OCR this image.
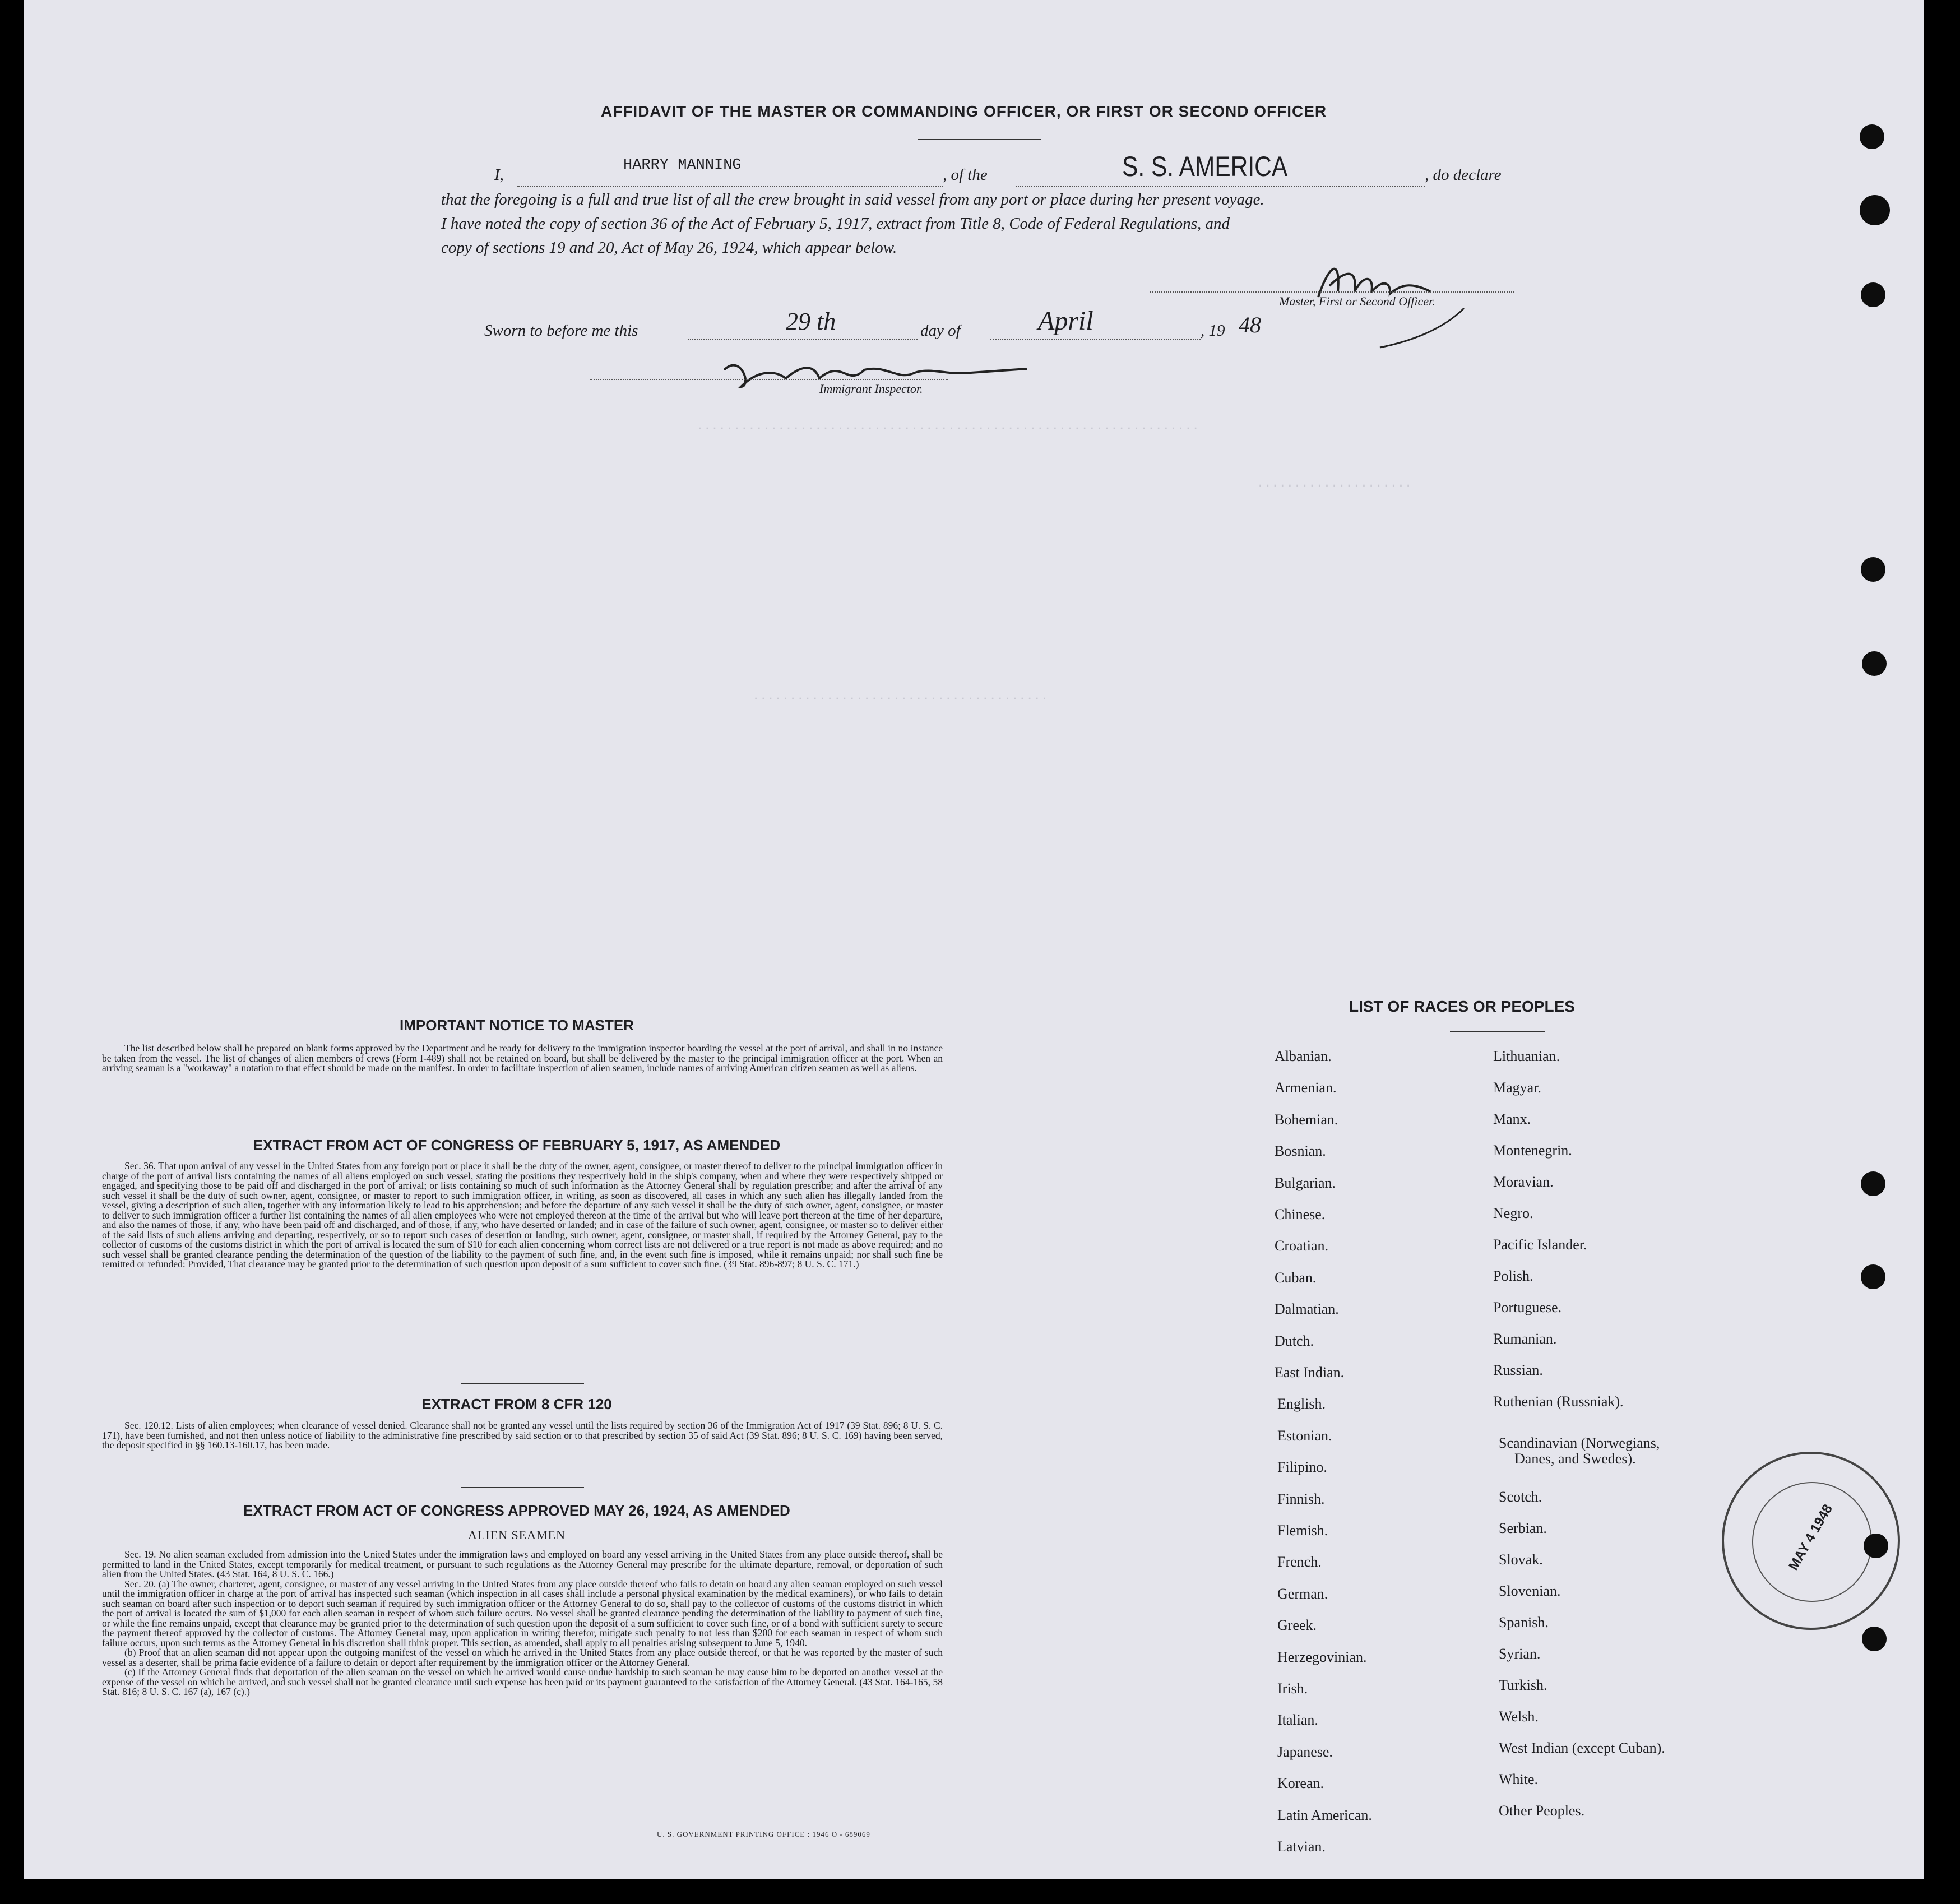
....................................................................
.....................
........................................
AFFIDAVIT OF THE MASTER OR COMMANDING OFFICER, OR FIRST OR SECOND OFFICER
I,
HARRY MANNING
, of the	S. S. AMERICA	, do declare
that the foregoing is a full and true list of all the crew brought in said vessel from any port or place during her present voyage.
I have noted the copy of section 36 of the Act of February 5, 1917, extract from Title 8, Code of Federal Regulations, and
copy of sections 19 and 20, Act of May 26, 1924, which appear below.
Master, First or Second Officer.
Sworn to before me this	29 th	day of	April	, 19 48
Immigrant Inspector.
IMPORTANT NOTICE TO MASTER

The list described below shall be prepared on blank forms approved by the Department and be ready for delivery to the immigration inspector boarding the vessel at the port of arrival, and shall in no instance be taken from the vessel. The list of changes of alien members of crews (Form I-489) shall not be retained on board, but shall be delivered by the master to the principal immigration officer at the port. When an arriving seaman is a "workaway" a notation to that effect should be made on the manifest. In order to facilitate inspection of alien seamen, include names of arriving American citizen seamen as well as aliens.

EXTRACT FROM ACT OF CONGRESS OF FEBRUARY 5, 1917, AS AMENDED

Sec. 36. That upon arrival of any vessel in the United States from any foreign port or place it shall be the duty of the owner, agent, consignee, or master thereof to deliver to the principal immigration officer in charge of the port of arrival lists containing the names of all aliens employed on such vessel, stating the positions they respectively hold in the ship's company, when and where they were respectively shipped or engaged, and specifying those to be paid off and discharged in the port of arrival; or lists containing so much of such information as the Attorney General shall by regulation prescribe; and after the arrival of any such vessel it shall be the duty of such owner, agent, consignee, or master to report to such immigration officer, in writing, as soon as discovered, all cases in which any such alien has illegally landed from the vessel, giving a description of such alien, together with any information likely to lead to his apprehension; and before the departure of any such vessel it shall be the duty of such owner, agent, consignee, or master to deliver to such immigration officer a further list containing the names of all alien employees who were not employed thereon at the time of the arrival but who will leave port thereon at the time of her departure, and also the names of those, if any, who have been paid off and discharged, and of those, if any, who have deserted or landed; and in case of the failure of such owner, agent, consignee, or master so to deliver either of the said lists of such aliens arriving and departing, respectively, or so to report such cases of desertion or landing, such owner, agent, consignee, or master shall, if required by the Attorney General, pay to the collector of customs of the customs district in which the port of arrival is located the sum of $10 for each alien concerning whom correct lists are not delivered or a true report is not made as above required; and no such vessel shall be granted clearance pending the determination of the question of the liability to the payment of such fine, and, in the event such fine is imposed, while it remains unpaid; nor shall such fine be remitted or refunded: Provided, That clearance may be granted prior to the determination of such question upon deposit of a sum sufficient to cover such fine. (39 Stat. 896-897; 8 U. S. C. 171.)

EXTRACT FROM 8 CFR 120

Sec. 120.12. Lists of alien employees; when clearance of vessel denied. Clearance shall not be granted any vessel until the lists required by section 36 of the Immigration Act of 1917 (39 Stat. 896; 8 U. S. C. 171), have been furnished, and not then unless notice of liability to the administrative fine prescribed by said section or to that prescribed by section 35 of said Act (39 Stat. 896; 8 U. S. C. 169) having been served, the deposit specified in §§ 160.13-160.17, has been made.

EXTRACT FROM ACT OF CONGRESS APPROVED MAY 26, 1924, AS AMENDED
ALIEN SEAMEN

Sec. 19. No alien seaman excluded from admission into the United States under the immigration laws and employed on board any vessel arriving in the United States from any place outside thereof, shall be permitted to land in the United States, except temporarily for medical treatment, or pursuant to such regulations as the Attorney General may prescribe for the ultimate departure, removal, or deportation of such alien from the United States. (43 Stat. 164, 8 U. S. C. 166.)

Sec. 20. (a) The owner, charterer, agent, consignee, or master of any vessel arriving in the United States from any place outside thereof who fails to detain on board any alien seaman employed on such vessel until the immigration officer in charge at the port of arrival has inspected such seaman (which inspection in all cases shall include a personal physical examination by the medical examiners), or who fails to detain such seaman on board after such inspection or to deport such seaman if required by such immigration officer or the Attorney General to do so, shall pay to the collector of customs of the customs district in which the port of arrival is located the sum of $1,000 for each alien seaman in respect of whom such failure occurs. No vessel shall be granted clearance pending the determination of the liability to payment of such fine, or while the fine remains unpaid, except that clearance may be granted prior to the determination of such question upon the deposit of a sum sufficient to cover such fine, or of a bond with sufficient surety to secure the payment thereof approved by the collector of customs. The Attorney General may, upon application in writing therefor, mitigate such penalty to not less than $200 for each seaman in respect of whom such failure occurs, upon such terms as the Attorney General in his discretion shall think proper. This section, as amended, shall apply to all penalties arising subsequent to June 5, 1940.

(b) Proof that an alien seaman did not appear upon the outgoing manifest of the vessel on which he arrived in the United States from any place outside thereof, or that he was reported by the master of such vessel as a deserter, shall be prima facie evidence of a failure to detain or deport after requirement by the immigration officer or the Attorney General.

(c) If the Attorney General finds that deportation of the alien seaman on the vessel on which he arrived would cause undue hardship to such seaman he may cause him to be deported on another vessel at the expense of the vessel on which he arrived, and such vessel shall not be granted clearance until such expense has been paid or its payment guaranteed to the satisfaction of the Attorney General. (43 Stat. 164-165, 58 Stat. 816; 8 U. S. C. 167 (a), 167 (c).)

U. S. GOVERNMENT PRINTING OFFICE : 1946 O - 689069
LIST OF RACES OR PEOPLES
Albanian.
Armenian.
Bohemian.
Bosnian.
Bulgarian.
Chinese.
Croatian.
Cuban.
Dalmatian.
Dutch.
East Indian.
English.
Estonian.
Filipino.
Finnish.
Flemish.
French.
German.
Greek.
Herzegovinian.
Irish.
Italian.
Japanese.
Korean.
Latin American.
Latvian.
Lithuanian.
Magyar.
Manx.
Montenegrin.
Moravian.
Negro.
Pacific Islander.
Polish.
Portuguese.
Rumanian.
Russian.
Ruthenian (Russniak).
Scandinavian (Norwegians,
Danes, and Swedes).
Scotch.
Serbian.
Slovak.
Slovenian.
Spanish.
Syrian.
Turkish.
Welsh.
West Indian (except Cuban).
White.
Other Peoples.
MAY 4 1948
